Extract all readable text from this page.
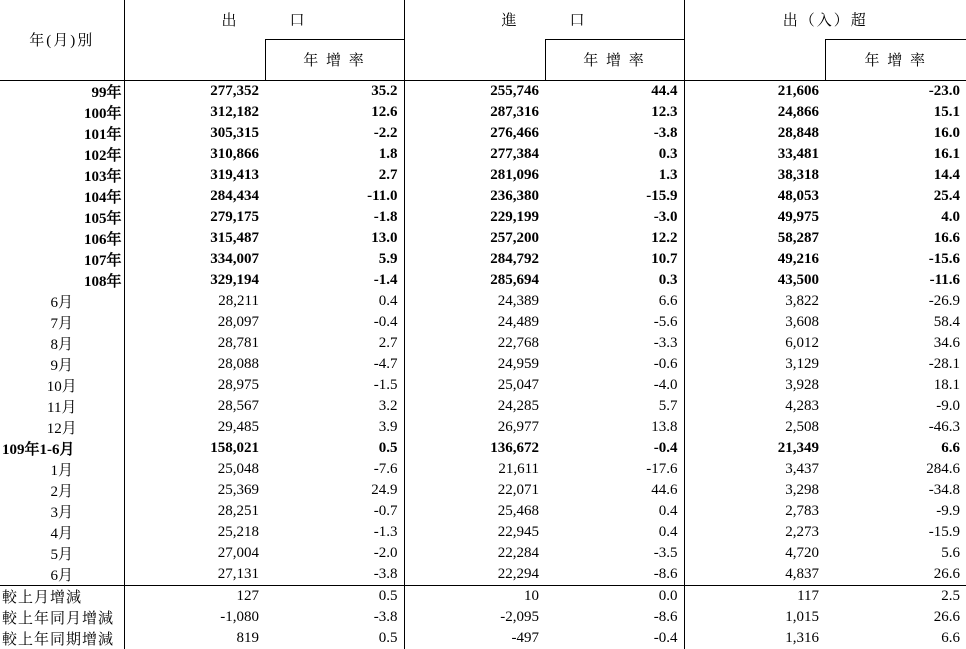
年(月)別	出　　　口		進　　　口		出（入）超	
		年 增 率		年 增 率		年 增 率
99年	277,352	35.2	255,746	44.4	21,606	-23.0
100年	312,182	12.6	287,316	12.3	24,866	15.1
101年	305,315	-2.2	276,466	-3.8	28,848	16.0
102年	310,866	1.8	277,384	0.3	33,481	16.1
103年	319,413	2.7	281,096	1.3	38,318	14.4
104年	284,434	-11.0	236,380	-15.9	48,053	25.4
105年	279,175	-1.8	229,199	-3.0	49,975	4.0
106年	315,487	13.0	257,200	12.2	58,287	16.6
107年	334,007	5.9	284,792	10.7	49,216	-15.6
108年	329,194	-1.4	285,694	0.3	43,500	-11.6
6月	28,211	0.4	24,389	6.6	3,822	-26.9
7月	28,097	-0.4	24,489	-5.6	3,608	58.4
8月	28,781	2.7	22,768	-3.3	6,012	34.6
9月	28,088	-4.7	24,959	-0.6	3,129	-28.1
10月	28,975	-1.5	25,047	-4.0	3,928	18.1
11月	28,567	3.2	24,285	5.7	4,283	-9.0
12月	29,485	3.9	26,977	13.8	2,508	-46.3
109年1-6月	158,021	0.5	136,672	-0.4	21,349	6.6
1月	25,048	-7.6	21,611	-17.6	3,437	284.6
2月	25,369	24.9	22,071	44.6	3,298	-34.8
3月	28,251	-0.7	25,468	0.4	2,783	-9.9
4月	25,218	-1.3	22,945	0.4	2,273	-15.9
5月	27,004	-2.0	22,284	-3.5	4,720	5.6
6月	27,131	-3.8	22,294	-8.6	4,837	26.6
較上月增減	127	0.5	10	0.0	117	2.5
較上年同月增減	-1,080	-3.8	-2,095	-8.6	1,015	26.6
較上年同期增減	819	0.5	-497	-0.4	1,316	6.6
